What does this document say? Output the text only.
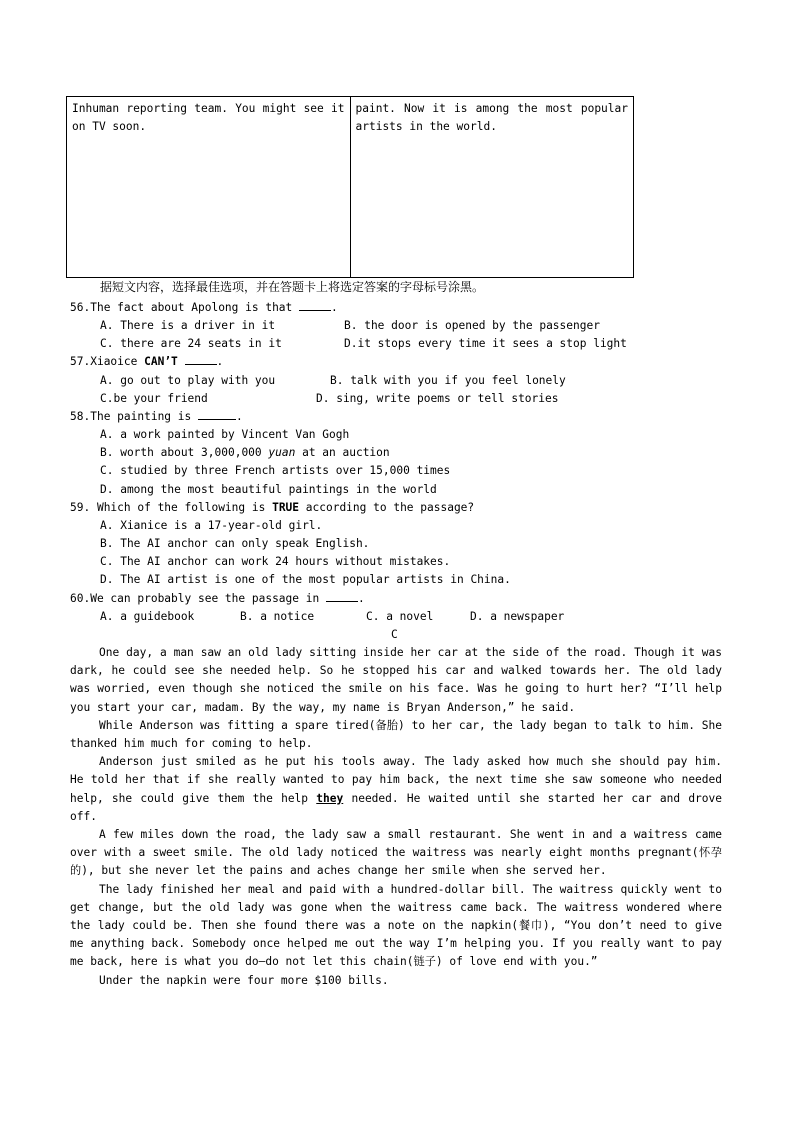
Inhuman reporting team. You might see it on TV soon.

paint. Now it is among the most popular artists in the world.

据短文内容，选择最佳选项，并在答题卡上将选定答案的字母标号涂黑。
56.The fact about Apolong is that	.
A. There is a driver in it	B. the door is opened by the passenger
C. there are 24 seats in it	D.it stops every time it sees a stop light
57.Xiaoice CAN’T	.
A. go out to play with you	B. talk with you if you feel lonely
C.be your friend	D. sing, write poems or tell stories
58.The painting is	.
A. a work painted by Vincent Van Gogh
B. worth about 3,000,000 yuan at an auction
C. studied by three French artists over 15,000 times
D. among the most beautiful paintings in the world
59. Which of the following is TRUE according to the passage?
A. Xianice is a 17-year-old girl.
B. The AI anchor can only speak English.
C. The AI anchor can work 24 hours without mistakes.
D. The AI artist is one of the most popular artists in China.
60.We can probably see the passage in	.
A. a guidebook	B. a notice	C. a novel	D. a newspaper
C

One day, a man saw an old lady sitting inside her car at the side of the road. Though it was dark, he could see she needed help. So he stopped his car and walked towards her. The old lady was worried, even though she noticed the smile on his face. Was he going to hurt her? “I’ll help you start your car, madam. By the way, my name is Bryan Anderson,” he said.

While Anderson was fitting a spare tired(备胎) to her car, the lady began to talk to him. She thanked him much for coming to help.

Anderson just smiled as he put his tools away. The lady asked how much she should pay him. He told her that if she really wanted to pay him back, the next time she saw someone who needed help, she could give them the help they needed. He waited until she started her car and drove off.

A few miles down the road, the lady saw a small restaurant. She went in and a waitress came over with a sweet smile. The old lady noticed the waitress was nearly eight months pregnant(怀孕的), but she never let the pains and aches change her smile when she served her.

The lady finished her meal and paid with a hundred-dollar bill. The waitress quickly went to get change, but the old lady was gone when the waitress came back. The waitress wondered where the lady could be. Then she found there was a note on the napkin(餐巾), “You don’t need to give me anything back. Somebody once helped me out the way I’m helping you. If you really want to pay me back, here is what you do—do not let this chain(链子) of love end with you.”

Under the napkin were four more $100 bills.
